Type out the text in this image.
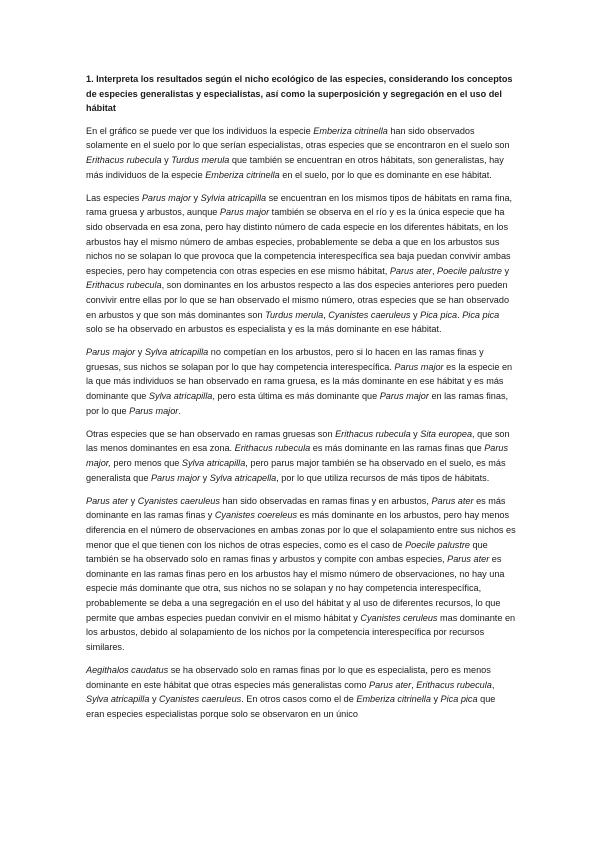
1. Interpreta los resultados según el nicho ecológico de las especies, considerando los conceptos de especies generalistas y especialistas, así como la superposición y segregación en el uso del hábitat

En el gráfico se puede ver que los individuos la especie Emberiza citrinella han sido observados solamente en el suelo por lo que serían especialistas, otras especies que se encontraron en el suelo son Erithacus rubecula y Turdus merula que también se encuentran en otros hábitats, son generalistas, hay más individuos de la especie Emberiza citrinella en el suelo, por lo que es dominante en ese hábitat.

Las especies Parus major y Sylvia atricapilla se encuentran en los mismos tipos de hábitats en rama fina, rama gruesa y arbustos, aunque Parus major también se observa en el río y es la única especie que ha sido observada en esa zona, pero hay distinto número de cada especie en los diferentes hábitats, en los arbustos hay el mismo número de ambas especies, probablemente se deba a que en los arbustos sus nichos no se solapan lo que provoca que la competencia interespecífica sea baja puedan convivir ambas especies, pero hay competencia con otras especies en ese mismo hábitat, Parus ater, Poecile palustre y Erithacus rubecula, son dominantes en los arbustos respecto a las dos especies anteriores pero pueden convivir entre ellas por lo que se han observado el mismo número, otras especies que se han observado en arbustos y que son más dominantes son Turdus merula, Cyanistes caeruleus y Pica pica. Pica pica solo se ha observado en arbustos es especialista y es la más dominante en ese hábitat.

Parus major y Sylva atricapilla no competían en los arbustos, pero si lo hacen en las ramas finas y gruesas, sus nichos se solapan por lo que hay competencia interespecífica. Parus major es la especie en la que más individuos se han observado en rama gruesa, es la más dominante en ese hábitat y es más dominante que Sylva atricapilla, pero esta última es más dominante que Parus major en las ramas finas, por lo que Parus major.

Otras especies que se han observado en ramas gruesas son Erithacus rubecula y Sita europea, que son las menos dominantes en esa zona. Erithacus rubecula es más dominante en las ramas finas que Parus major, pero menos que Sylva atricapilla, pero parus major también se ha observado en el suelo, es más generalista que Parus major y Sylva atricapella, por lo que utiliza recursos de más tipos de hábitats.

Parus ater y Cyanistes caeruleus han sido observadas en ramas finas y en arbustos, Parus ater es más dominante en las ramas finas y Cyanistes coereleus es más dominante en los arbustos, pero hay menos diferencia en el número de observaciones en ambas zonas por lo que el solapamiento entre sus nichos es menor que el que tienen con los nichos de otras especies, como es el caso de Poecile palustre que también se ha observado solo en ramas finas y arbustos y compite con ambas especies, Parus ater es dominante en las ramas finas pero en los arbustos hay el mismo número de observaciones, no hay una especie más dominante que otra, sus nichos no se solapan y no hay competencia interespecífica, probablemente se deba a una segregación en el uso del hábitat y al uso de diferentes recursos, lo que permite que ambas especies puedan convivir en el mismo hábitat y Cyanistes ceruleus mas dominante en los arbustos, debido al solapamiento de los nichos por la competencia interespecífica por recursos similares.

Aegithalos caudatus se ha observado solo en ramas finas por lo que es especialista, pero es menos dominante en este hábitat que otras especies más generalistas como Parus ater, Erithacus rubecula, Sylva atricapilla y Cyanistes caeruleus. En otros casos como el de Emberiza citrinella y Pica pica que eran especies especialistas porque solo se observaron en un único
